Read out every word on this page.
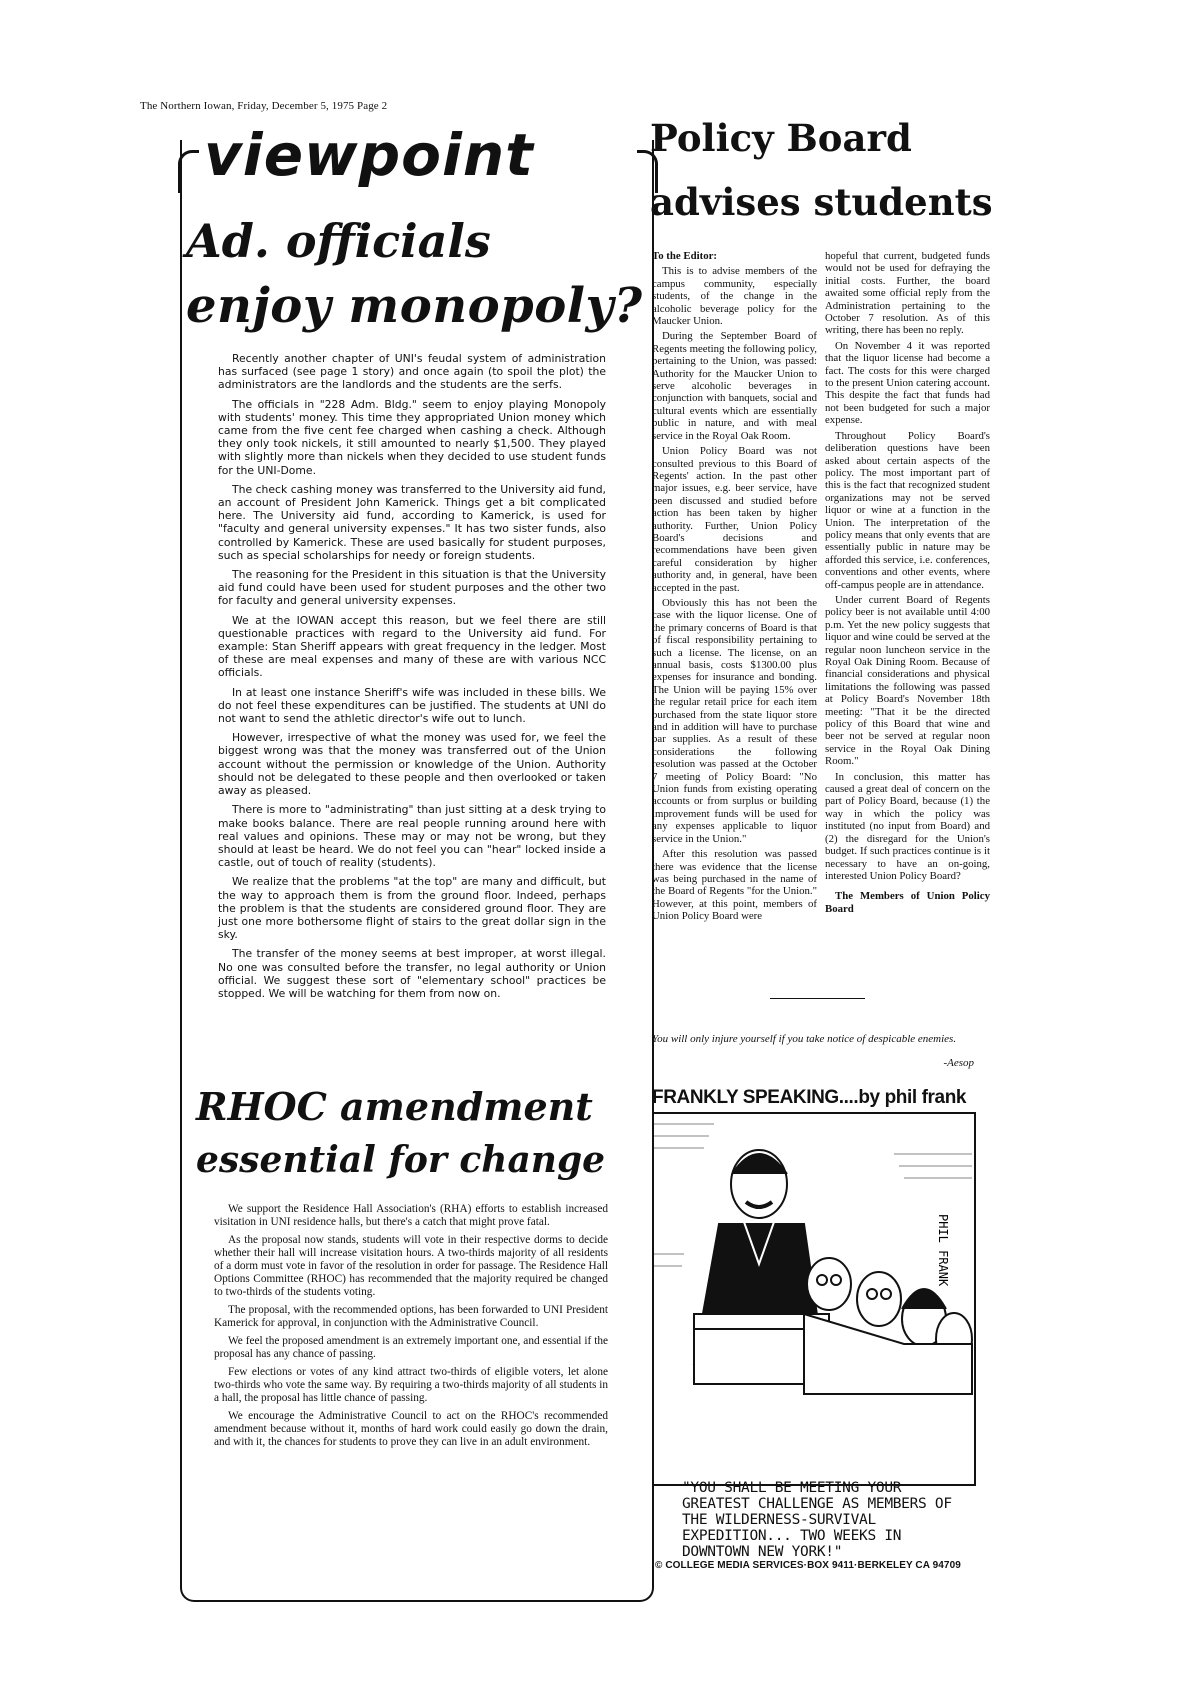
The Northern Iowan, Friday, December 5, 1975 Page 2
viewpoint
Ad. officials
enjoy monopoly?

Recently another chapter of UNI's feudal system of administration has surfaced (see page 1 story) and once again (to spoil the plot) the administrators are the landlords and the students are the serfs.

The officials in "228 Adm. Bldg." seem to enjoy playing Monopoly with students' money. This time they appropriated Union money which came from the five cent fee charged when cashing a check. Although they only took nickels, it still amounted to nearly $1,500. They played with slightly more than nickels when they decided to use student funds for the UNI-Dome.

The check cashing money was transferred to the University aid fund, an account of President John Kamerick. Things get a bit complicated here. The University aid fund, according to Kamerick, is used for "faculty and general university expenses." It has two sister funds, also controlled by Kamerick. These are used basically for student purposes, such as special scholarships for needy or foreign students.

The reasoning for the President in this situation is that the University aid fund could have been used for student purposes and the other two for faculty and general university expenses.

We at the IOWAN accept this reason, but we feel there are still questionable practices with regard to the University aid fund. For example: Stan Sheriff appears with great frequency in the ledger. Most of these are meal expenses and many of these are with various NCC officials.

In at least one instance Sheriff's wife was included in these bills. We do not feel these expenditures can be justified. The students at UNI do not want to send the athletic director's wife out to lunch.

However, irrespective of what the money was used for, we feel the biggest wrong was that the money was transferred out of the Union account without the permission or knowledge of the Union. Authority should not be delegated to these people and then overlooked or taken away as pleased.

There is more to "administrating" than just sitting at a desk trying to make books balance. There are real people running around here with real values and opinions. These may or may not be wrong, but they should at least be heard. We do not feel you can "hear" locked inside a castle, out of touch of reality (students).

We realize that the problems "at the top" are many and difficult, but the way to approach them is from the ground floor. Indeed, perhaps the problem is that the students are considered ground floor. They are just one more bothersome flight of stairs to the great dollar sign in the sky.

The transfer of the money seems at best improper, at worst illegal. No one was consulted before the transfer, no legal authority or Union official. We suggest these sort of "elementary school" practices be stopped. We will be watching for them from now on.

RHOC amendment
essential for change

We support the Residence Hall Association's (RHA) efforts to establish increased visitation in UNI residence halls, but there's a catch that might prove fatal.

As the proposal now stands, students will vote in their respective dorms to decide whether their hall will increase visitation hours. A two-thirds majority of all residents of a dorm must vote in favor of the resolution in order for passage. The Residence Hall Options Committee (RHOC) has recommended that the majority required be changed to two-thirds of the students voting.

The proposal, with the recommended options, has been forwarded to UNI President Kamerick for approval, in conjunction with the Administrative Council.

We feel the proposed amendment is an extremely important one, and essential if the proposal has any chance of passing.

Few elections or votes of any kind attract two-thirds of eligible voters, let alone two-thirds who vote the same way. By requiring a two-thirds majority of all students in a hall, the proposal has little chance of passing.

We encourage the Administrative Council to act on the RHOC's recommended amendment because without it, months of hard work could easily go down the drain, and with it, the chances for students to prove they can live in an adult environment.

Policy Board
advises students

To the Editor:

This is to advise members of the campus community, especially students, of the change in the alcoholic beverage policy for the Maucker Union.

During the September Board of Regents meeting the following policy, pertaining to the Union, was passed: Authority for the Maucker Union to serve alcoholic beverages in conjunction with banquets, social and cultural events which are essentially public in nature, and with meal service in the Royal Oak Room.

Union Policy Board was not consulted previous to this Board of Regents' action. In the past other major issues, e.g. beer service, have been discussed and studied before action has been taken by higher authority. Further, Union Policy Board's decisions and recommendations have been given careful consideration by higher authority and, in general, have been accepted in the past.

Obviously this has not been the case with the liquor license. One of the primary concerns of Board is that of fiscal responsibility pertaining to such a license. The license, on an annual basis, costs $1300.00 plus expenses for insurance and bonding. The Union will be paying 15% over the regular retail price for each item purchased from the state liquor store and in addition will have to purchase bar supplies. As a result of these considerations the following resolution was passed at the October 7 meeting of Policy Board: "No Union funds from existing operating accounts or from surplus or building improvement funds will be used for any expenses applicable to liquor service in the Union."

After this resolution was passed there was evidence that the license was being purchased in the name of the Board of Regents "for the Union." However, at this point, members of Union Policy Board were

hopeful that current, budgeted funds would not be used for defraying the initial costs. Further, the board awaited some official reply from the Administration pertaining to the October 7 resolution. As of this writing, there has been no reply.

On November 4 it was reported that the liquor license had become a fact. The costs for this were charged to the present Union catering account. This despite the fact that funds had not been budgeted for such a major expense.

Throughout Policy Board's deliberation questions have been asked about certain aspects of the policy. The most important part of this is the fact that recognized student organizations may not be served liquor or wine at a function in the Union. The interpretation of the policy means that only events that are essentially public in nature may be afforded this service, i.e. conferences, conventions and other events, where off-campus people are in attendance.

Under current Board of Regents policy beer is not available until 4:00 p.m. Yet the new policy suggests that liquor and wine could be served at the regular noon luncheon service in the Royal Oak Dining Room. Because of financial considerations and physical limitations the following was passed at Policy Board's November 18th meeting: "That it be the directed policy of this Board that wine and beer not be served at regular noon service in the Royal Oak Dining Room."

In conclusion, this matter has caused a great deal of concern on the part of Policy Board, because (1) the way in which the policy was instituted (no input from Board) and (2) the disregard for the Union's budget. If such practices continue is it necessary to have an on-going, interested Union Policy Board?

The Members of Union Policy Board

You will only injure yourself if you take notice of despicable enemies.
-Aesop
FRANKLY SPEAKING....by phil frank
PHIL FRANK
"YOU SHALL BE MEETING YOUR GREATEST CHALLENGE AS MEMBERS OF THE WILDERNESS-SURVIVAL EXPEDITION... TWO WEEKS IN DOWNTOWN NEW YORK!"
© COLLEGE MEDIA SERVICES·BOX 9411·BERKELEY CA 94709
